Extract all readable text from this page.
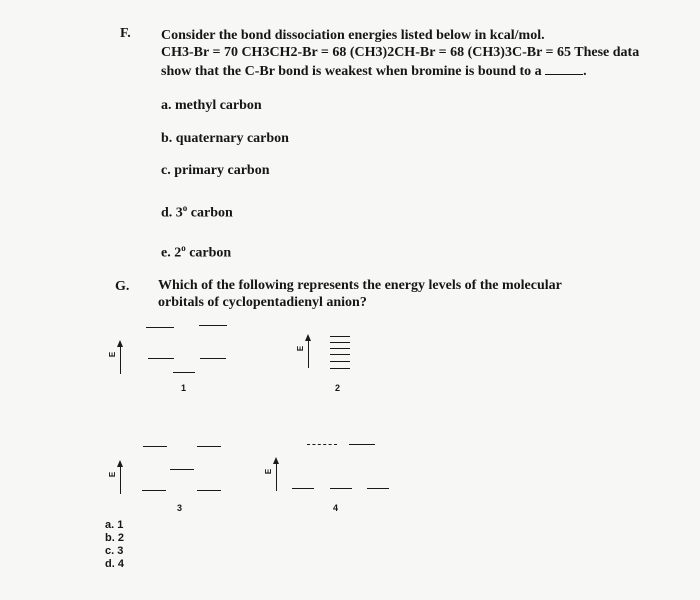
F. Consider the bond dissociation energies listed below in kcal/mol.
CH3-Br = 70 CH3CH2-Br = 68 (CH3)2CH-Br = 68 (CH3)3C-Br = 65 These data
show that the C-Br bond is weakest when bromine is bound to a	.
a. methyl carbon
b. quaternary carbon
c. primary carbon
d. 3$^o$ carbon
e. 2$^o$ carbon
G. Which of the following represents the energy levels of the molecular
orbitals of cyclopentadienyl anion?
E
1
E
2
E
3
E
4
a. 1
b. 2
c. 3
d. 4
